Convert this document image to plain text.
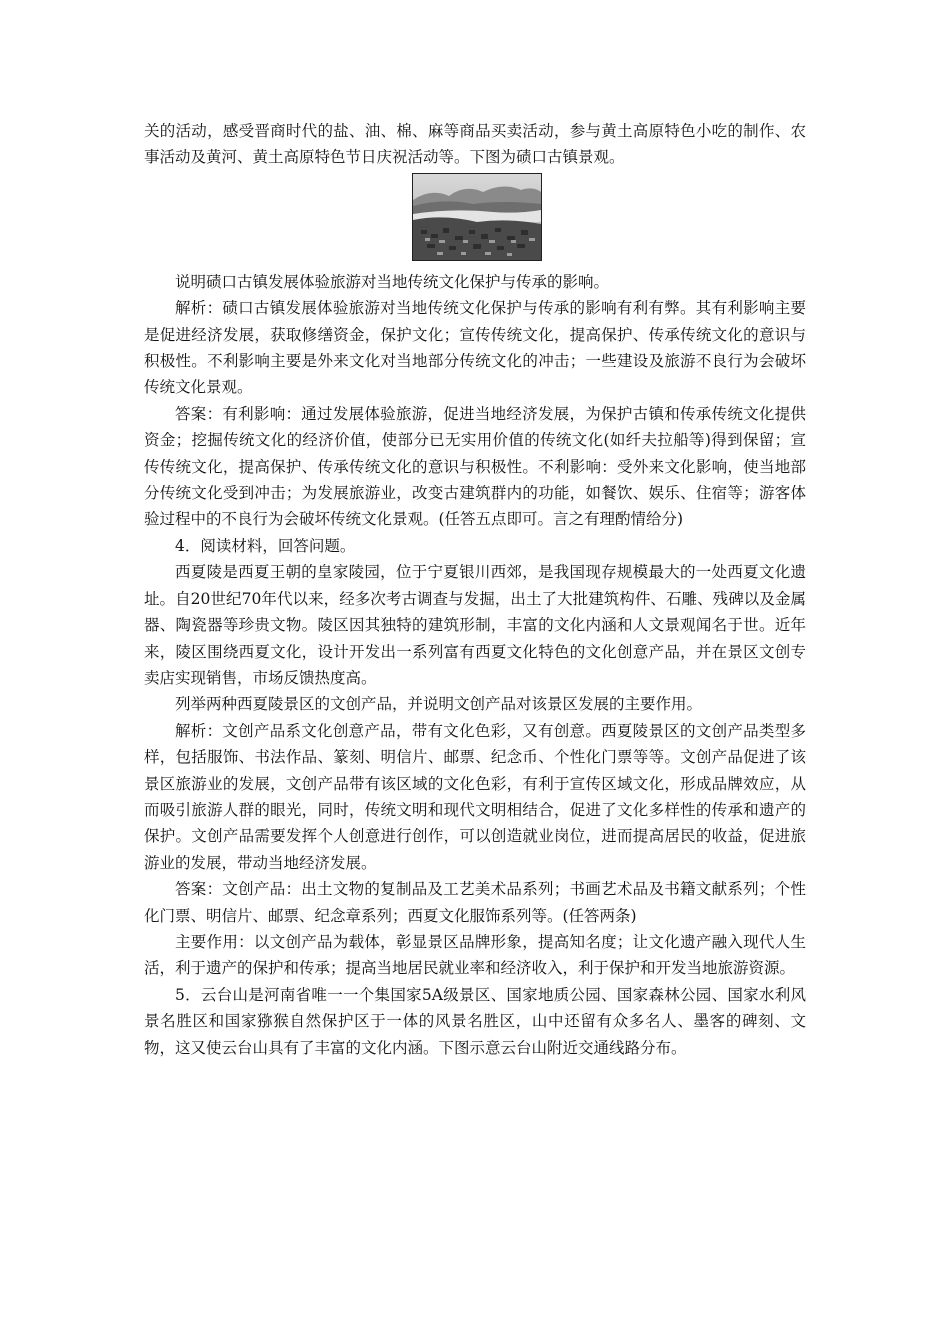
关的活动，感受晋商时代的盐、油、棉、麻等商品买卖活动，参与黄土高原特色小吃的制作、农事活动及黄河、黄土高原特色节日庆祝活动等。下图为碛口古镇景观。

说明碛口古镇发展体验旅游对当地传统文化保护与传承的影响。

解析：碛口古镇发展体验旅游对当地传统文化保护与传承的影响有利有弊。其有利影响主要是促进经济发展，获取修缮资金，保护文化；宣传传统文化，提高保护、传承传统文化的意识与积极性。不利影响主要是外来文化对当地部分传统文化的冲击；一些建设及旅游不良行为会破坏传统文化景观。

答案：有利影响：通过发展体验旅游，促进当地经济发展，为保护古镇和传承传统文化提供资金；挖掘传统文化的经济价值，使部分已无实用价值的传统文化(如纤夫拉船等)得到保留；宣传传统文化，提高保护、传承传统文化的意识与积极性。不利影响：受外来文化影响，使当地部分传统文化受到冲击；为发展旅游业，改变古建筑群内的功能，如餐饮、娱乐、住宿等；游客体验过程中的不良行为会破坏传统文化景观。(任答五点即可。言之有理酌情给分)

4．阅读材料，回答问题。

西夏陵是西夏王朝的皇家陵园，位于宁夏银川西郊，是我国现存规模最大的一处西夏文化遗址。自20世纪70年代以来，经多次考古调查与发掘，出土了大批建筑构件、石雕、残碑以及金属器、陶瓷器等珍贵文物。陵区因其独特的建筑形制，丰富的文化内涵和人文景观闻名于世。近年来，陵区围绕西夏文化，设计开发出一系列富有西夏文化特色的文化创意产品，并在景区文创专卖店实现销售，市场反馈热度高。

列举两种西夏陵景区的文创产品，并说明文创产品对该景区发展的主要作用。

解析：文创产品系文化创意产品，带有文化色彩，又有创意。西夏陵景区的文创产品类型多样，包括服饰、书法作品、篆刻、明信片、邮票、纪念币、个性化门票等等。文创产品促进了该景区旅游业的发展，文创产品带有该区域的文化色彩，有利于宣传区域文化，形成品牌效应，从而吸引旅游人群的眼光，同时，传统文明和现代文明相结合，促进了文化多样性的传承和遗产的保护。文创产品需要发挥个人创意进行创作，可以创造就业岗位，进而提高居民的收益，促进旅游业的发展，带动当地经济发展。

答案：文创产品：出土文物的复制品及工艺美术品系列；书画艺术品及书籍文献系列；个性化门票、明信片、邮票、纪念章系列；西夏文化服饰系列等。(任答两条)

主要作用：以文创产品为载体，彰显景区品牌形象，提高知名度；让文化遗产融入现代人生活，利于遗产的保护和传承；提高当地居民就业率和经济收入，利于保护和开发当地旅游资源。

5．云台山是河南省唯一一个集国家5A级景区、国家地质公园、国家森林公园、国家水利风景名胜区和国家猕猴自然保护区于一体的风景名胜区，山中还留有众多名人、墨客的碑刻、文物，这又使云台山具有了丰富的文化内涵。下图示意云台山附近交通线路分布。
